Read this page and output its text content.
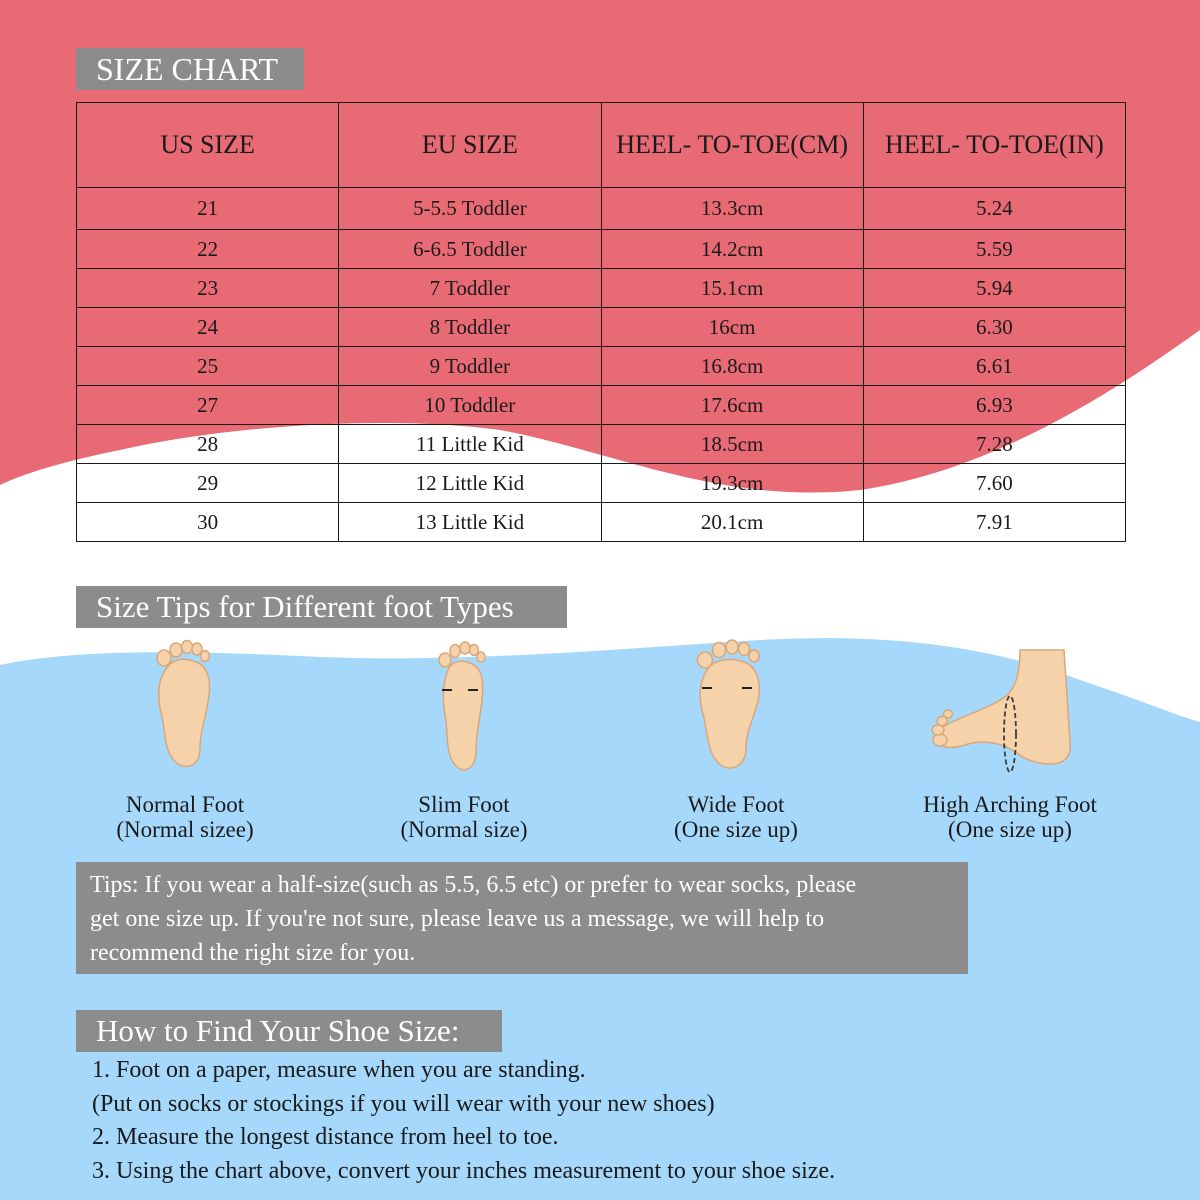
SIZE CHART
US SIZE	EU SIZE	HEEL- TO-TOE(CM)	HEEL- TO-TOE(IN)
21	5-5.5 Toddler	13.3cm	5.24
22	6-6.5 Toddler	14.2cm	5.59
23	7 Toddler	15.1cm	5.94
24	8 Toddler	16cm	6.30
25	9 Toddler	16.8cm	6.61
27	10 Toddler	17.6cm	6.93
28	11 Little Kid	18.5cm	7.28
29	12 Little Kid	19.3cm	7.60
30	13 Little Kid	20.1cm	7.91
Size Tips for Different foot Types
Normal Foot
(Normal sizee)
Slim Foot
(Normal size)
Wide Foot
(One size up)
High Arching Foot
(One size up)
Tips: If you wear a half-size(such as 5.5, 6.5 etc) or prefer to wear socks, please
get one size up. If you're not sure, please leave us a message, we will help to
recommend the right size for you.
How to Find Your Shoe Size:
1. Foot on a paper, measure when you are standing.
(Put on socks or stockings if you will wear with your new shoes)
2. Measure the longest distance from heel to toe.
3. Using the chart above, convert your inches measurement to your shoe size.
